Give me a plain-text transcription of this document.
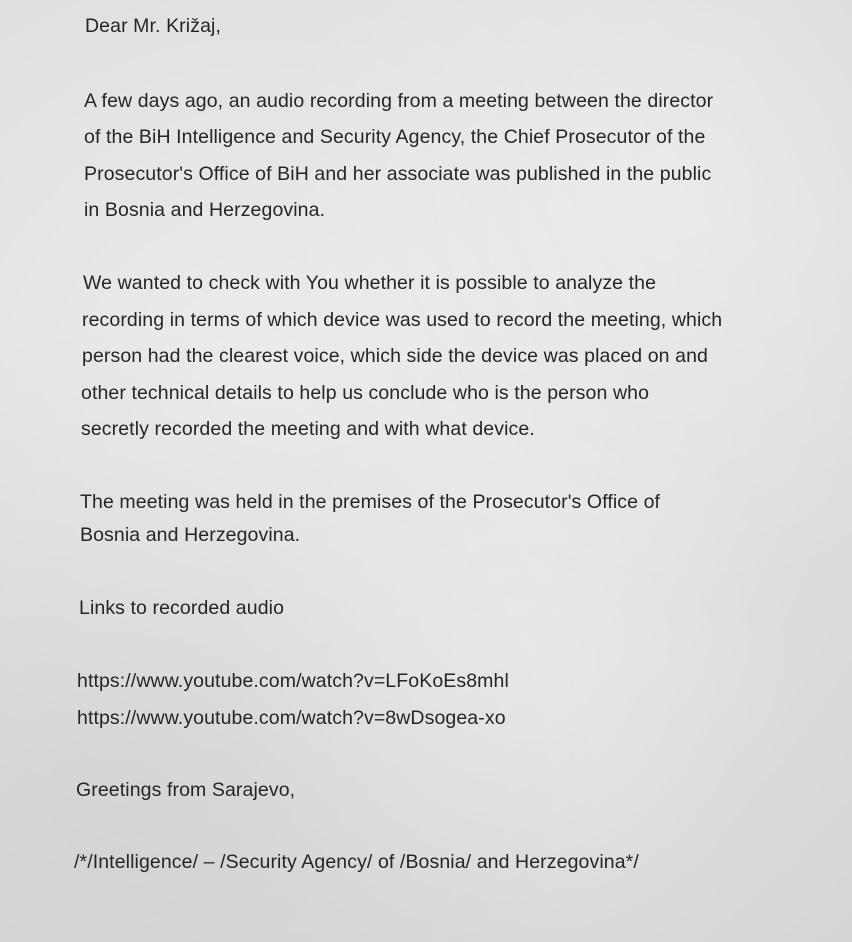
Dear Mr. Križaj,
A few days ago, an audio recording from a meeting between the director
of the BiH Intelligence and Security Agency, the Chief Prosecutor of the
Prosecutor's Office of BiH and her associate was published in the public
in Bosnia and Herzegovina.
We wanted to check with You whether it is possible to analyze the
recording in terms of which device was used to record the meeting, which
person had the clearest voice, which side the device was placed on and
other technical details to help us conclude who is the person who
secretly recorded the meeting and with what device.
The meeting was held in the premises of the Prosecutor's Office of
Bosnia and Herzegovina.
Links to recorded audio
https://www.youtube.com/watch?v=LFoKoEs8mhl
https://www.youtube.com/watch?v=8wDsogea-xo
Greetings from Sarajevo,
/*/Intelligence/ – /Security Agency/ of /Bosnia/ and Herzegovina*/
